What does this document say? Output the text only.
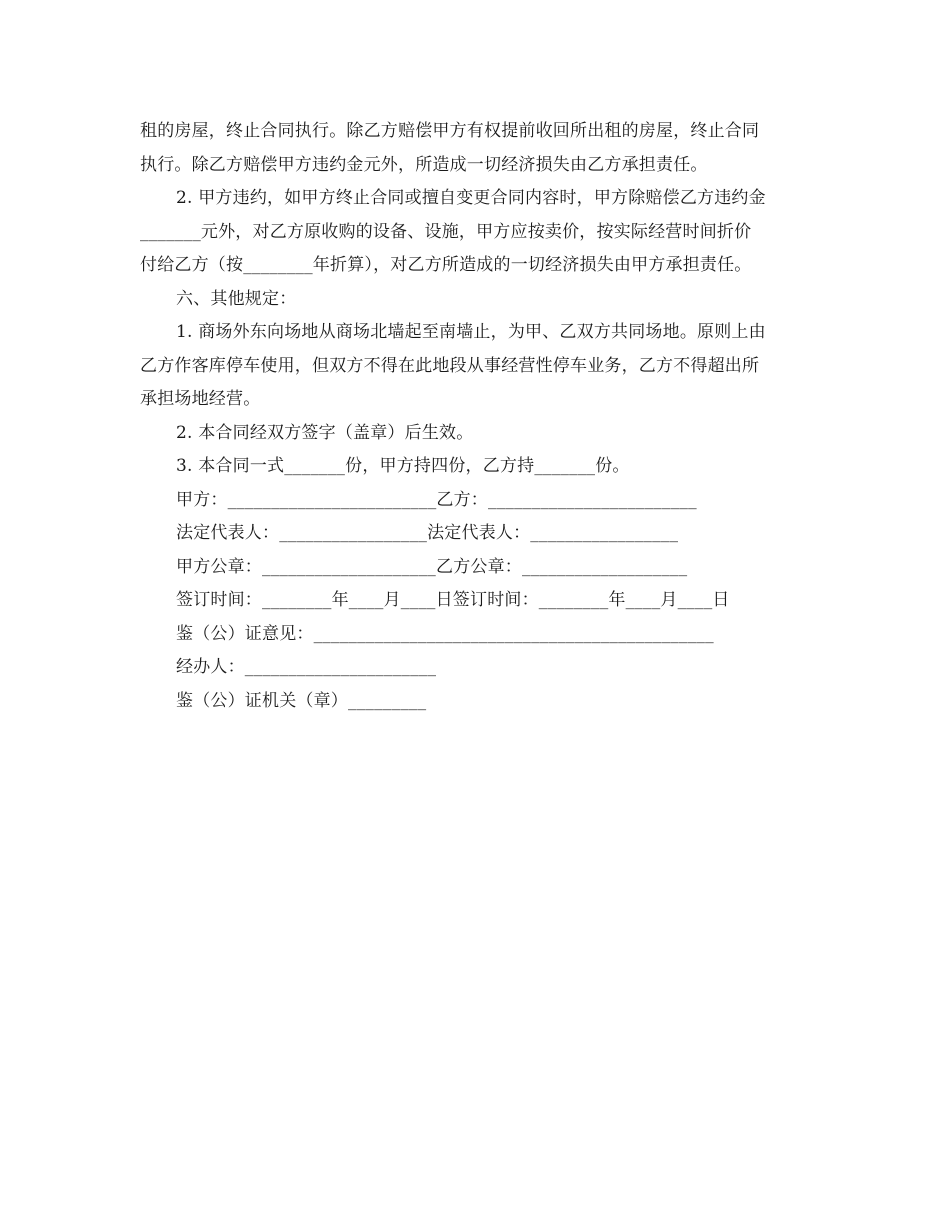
租的房屋，终止合同执行。除乙方赔偿甲方有权提前收回所出租的房屋，终止合同
执行。除乙方赔偿甲方违约金元外，所造成一切经济损失由乙方承担责任。
2. 甲方违约，如甲方终止合同或擅自变更合同内容时，甲方除赔偿乙方违约金
_______元外，对乙方原收购的设备、设施，甲方应按卖价，按实际经营时间折价
付给乙方（按________年折算），对乙方所造成的一切经济损失由甲方承担责任。
六、其他规定：
1. 商场外东向场地从商场北墙起至南墙止，为甲、乙双方共同场地。原则上由
乙方作客库停车使用，但双方不得在此地段从事经营性停车业务，乙方不得超出所
承担场地经营。
2. 本合同经双方签字（盖章）后生效。
3. 本合同一式_______份，甲方持四份，乙方持_______份。
甲方：________________________乙方：________________________
法定代表人：_________________法定代表人：_________________
甲方公章：____________________乙方公章：___________________
签订时间：________年____月____日签订时间：________年____月____日
鉴（公）证意见：______________________________________________
经办人：______________________
鉴（公）证机关（章）_________
